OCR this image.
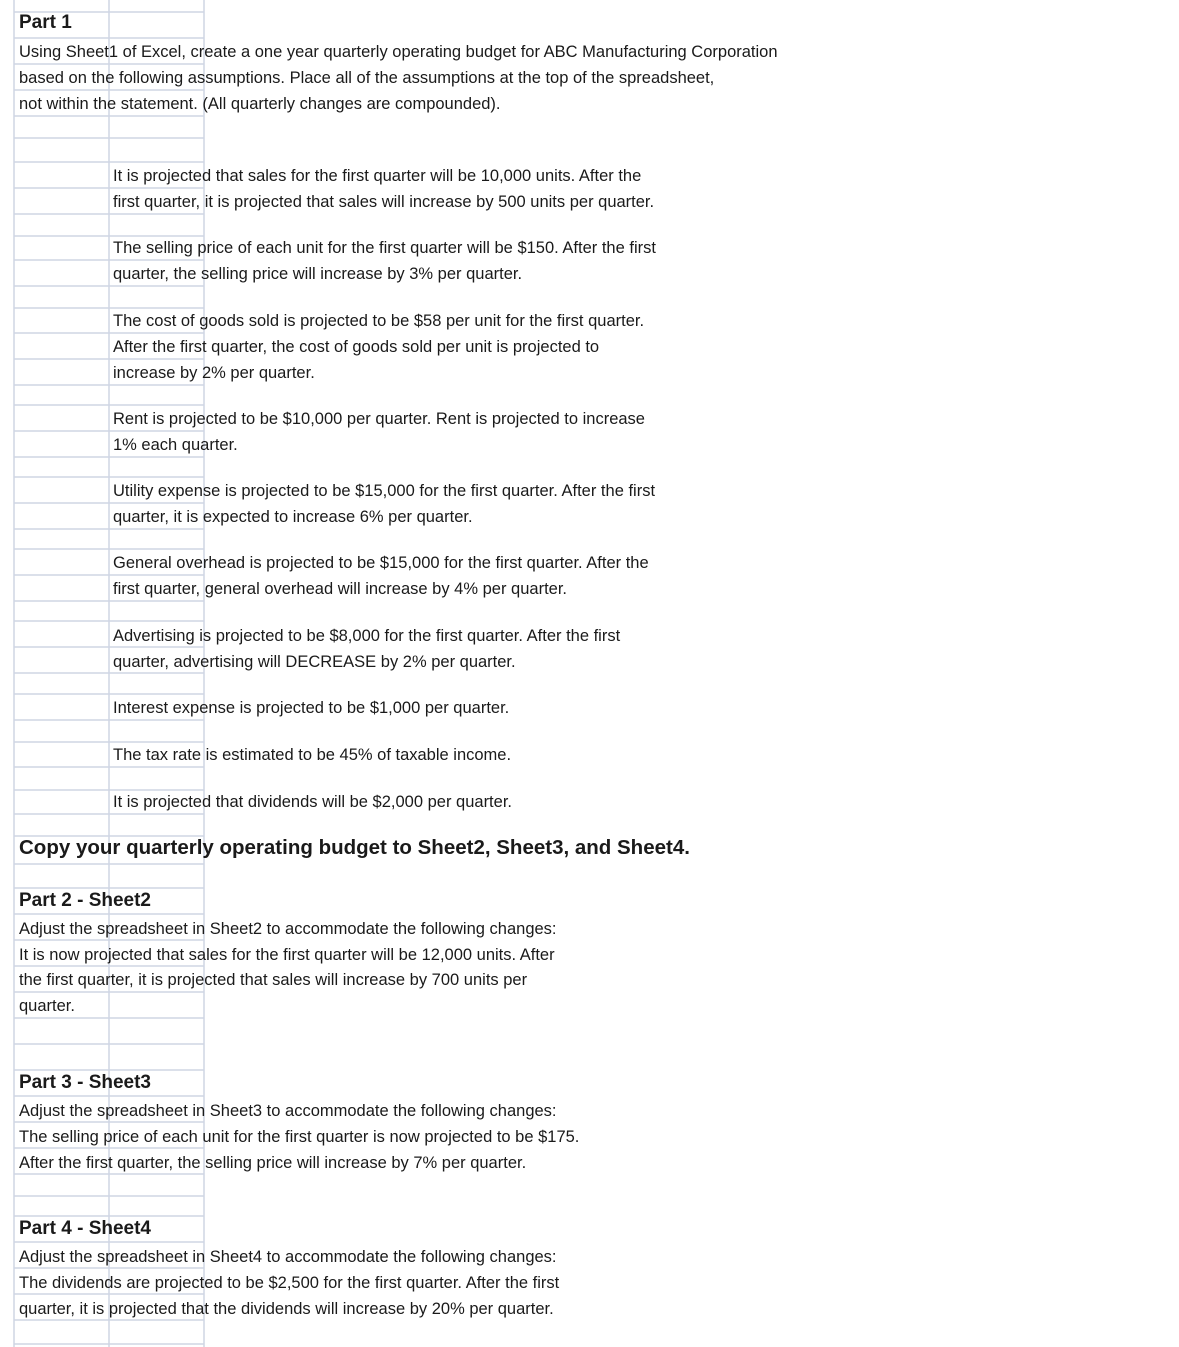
Part 1
Using Sheet1 of Excel, create a one year quarterly operating budget for ABC Manufacturing Corporation
based on the following assumptions. Place all of the assumptions at the top of the spreadsheet,
not within the statement. (All quarterly changes are compounded).
It is projected that sales for the first quarter will be 10,000 units. After the
first quarter, it is projected that sales will increase by 500 units per quarter.
The selling price of each unit for the first quarter will be $150. After the first
quarter, the selling price will increase by 3% per quarter.
The cost of goods sold is projected to be $58 per unit for the first quarter.
After the first quarter, the cost of goods sold per unit is projected to
increase by 2% per quarter.
Rent is projected to be $10,000 per quarter. Rent is projected to increase
1% each quarter.
Utility expense is projected to be $15,000 for the first quarter. After the first
quarter, it is expected to increase 6% per quarter.
General overhead is projected to be $15,000 for the first quarter. After the
first quarter, general overhead will increase by 4% per quarter.
Advertising is projected to be $8,000 for the first quarter. After the first
quarter, advertising will DECREASE by 2% per quarter.
Interest expense is projected to be $1,000 per quarter.
The tax rate is estimated to be 45% of taxable income.
It is projected that dividends will be $2,000 per quarter.
Copy your quarterly operating budget to Sheet2, Sheet3, and Sheet4.
Part 2 - Sheet2
Adjust the spreadsheet in Sheet2 to accommodate the following changes:
It is now projected that sales for the first quarter will be 12,000 units. After
the first quarter, it is projected that sales will increase by 700 units per
quarter.
Part 3 - Sheet3
Adjust the spreadsheet in Sheet3 to accommodate the following changes:
The selling price of each unit for the first quarter is now projected to be $175.
After the first quarter, the selling price will increase by 7% per quarter.
Part 4 - Sheet4
Adjust the spreadsheet in Sheet4 to accommodate the following changes:
The dividends are projected to be $2,500 for the first quarter. After the first
quarter, it is projected that the dividends will increase by 20% per quarter.
